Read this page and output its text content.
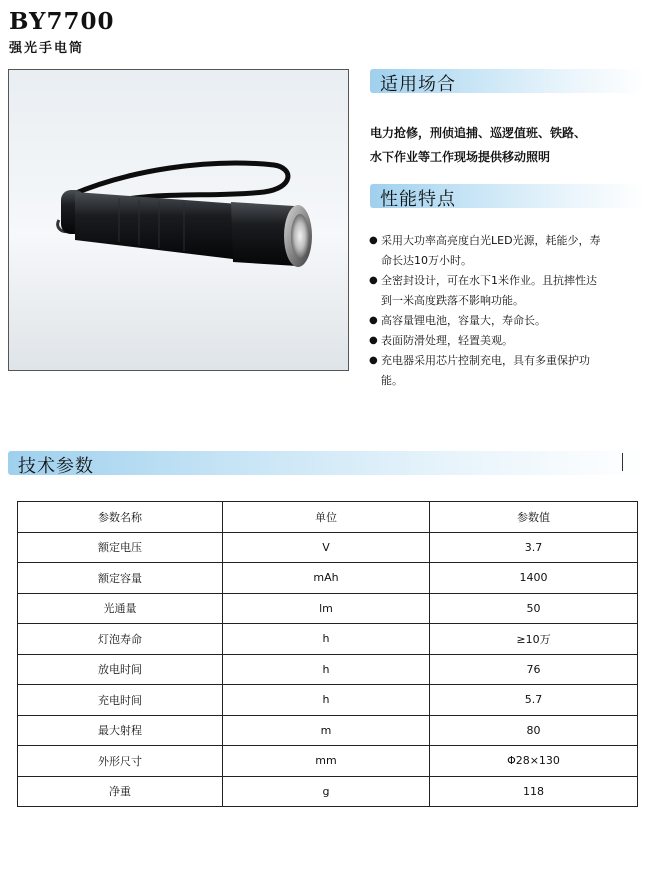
BY7700
强光手电筒
适用场合
电力抢修，刑侦追捕、巡逻值班、铁路、
水下作业等工作现场提供移动照明
性能特点
● 采用大功率高亮度白光LED光源，耗能少，寿
命长达10万小时。
● 全密封设计，可在水下1米作业。且抗摔性达
到一米高度跌落不影响功能。
● 高容量锂电池，容量大，寿命长。
● 表面防滑处理，轻置美观。
● 充电器采用芯片控制充电，具有多重保护功
能。
技术参数
参数名称	单位	参数值
额定电压	V	3.7
额定容量	mAh	1400
光通量	lm	50
灯泡寿命	h	≥10万
放电时间	h	76
充电时间	h	5.7
最大射程	m	80
外形尺寸	mm	Φ28×130
净重	g	118
